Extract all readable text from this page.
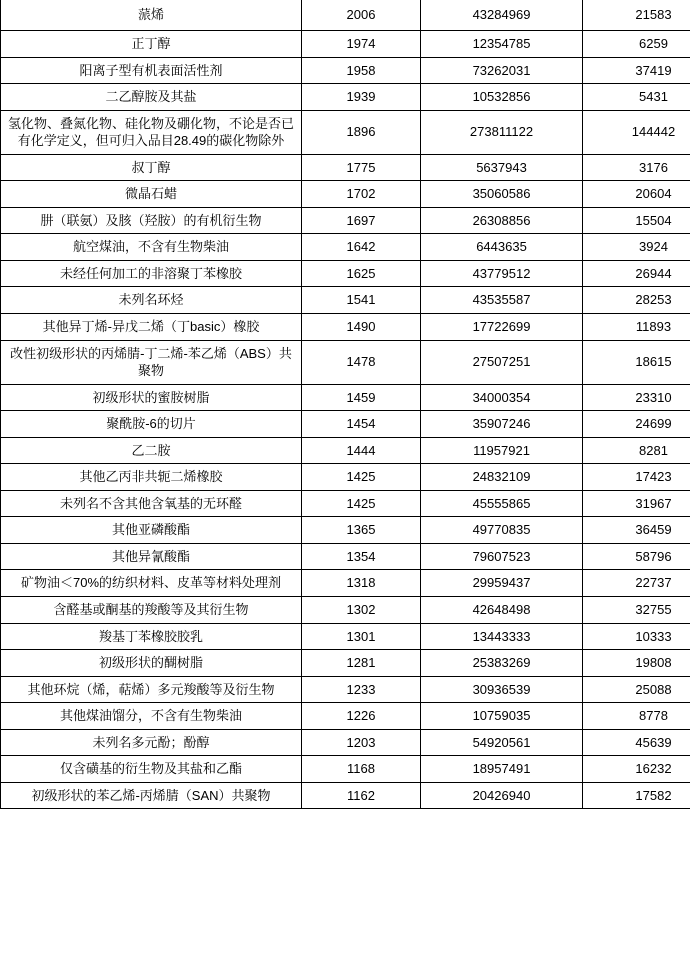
蒎烯	2006	43284969	21583
正丁醇	1974	12354785	6259
阳离子型有机表面活性剂	1958	73262031	37419
二乙醇胺及其盐	1939	10532856	5431
氢化物、叠氮化物、硅化物及硼化物，不论是否已有化学定义，但可归入品目28.49的碳化物除外	1896	273811122	144442
叔丁醇	1775	5637943	3176
微晶石蜡	1702	35060586	20604
肼（联氨）及胲（羟胺）的有机衍生物	1697	26308856	15504
航空煤油，不含有生物柴油	1642	6443635	3924
未经任何加工的非溶聚丁苯橡胶	1625	43779512	26944
未列名环烃	1541	43535587	28253
其他异丁烯-异戊二烯（丁basic）橡胶	1490	17722699	11893
改性初级形状的丙烯腈-丁二烯-苯乙烯（ABS）共聚物	1478	27507251	18615
初级形状的蜜胺树脂	1459	34000354	23310
聚酰胺-6的切片	1454	35907246	24699
乙二胺	1444	11957921	8281
其他乙丙非共轭二烯橡胶	1425	24832109	17423
未列名不含其他含氧基的无环醛	1425	45555865	31967
其他亚磷酸酯	1365	49770835	36459
其他异氰酸酯	1354	79607523	58796
矿物油＜70%的纺织材料、皮革等材料处理剂	1318	29959437	22737
含醛基或酮基的羧酸等及其衍生物	1302	42648498	32755
羧基丁苯橡胶胶乳	1301	13443333	10333
初级形状的醐树脂	1281	25383269	19808
其他环烷（烯，萜烯）多元羧酸等及衍生物	1233	30936539	25088
其他煤油馏分，不含有生物柴油	1226	10759035	8778
未列名多元酚；酚醇	1203	54920561	45639
仅含磺基的衍生物及其盐和乙酯	1168	18957491	16232
初级形状的苯乙烯-丙烯腈（SAN）共聚物	1162	20426940	17582
